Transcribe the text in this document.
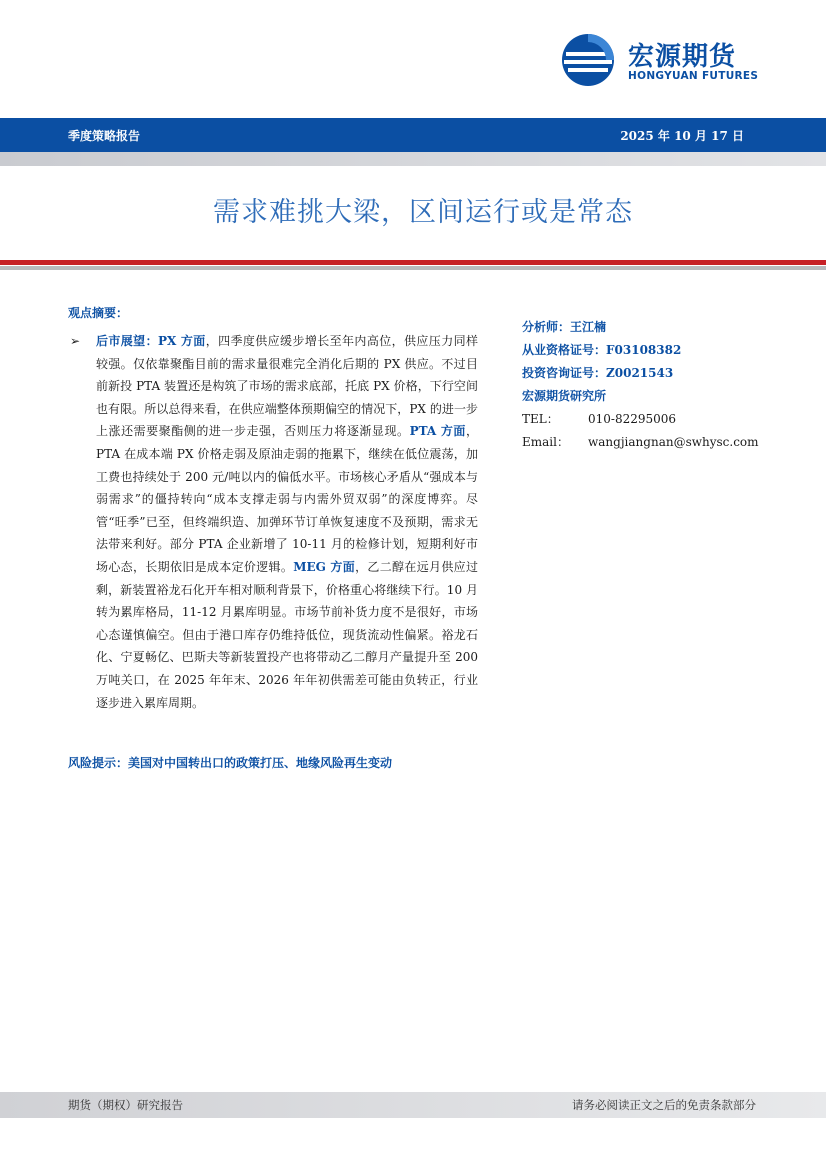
宏源期货
HONGYUAN FUTURES
季度策略报告	2025 年 10 月 17 日
需求难挑大梁，区间运行或是常态
观点摘要：
➢ 后市展望：PX 方面，四季度供应缓步增长至年内高位，供应压力同样较强。仅依靠聚酯目前的需求量很难完全消化后期的 PX 供应。不过目前新投 PTA 装置还是构筑了市场的需求底部，托底 PX 价格，下行空间也有限。所以总得来看，在供应端整体预期偏空的情况下，PX 的进一步上涨还需要聚酯侧的进一步走强，否则压力将逐渐显现。PTA 方面，PTA 在成本端 PX 价格走弱及原油走弱的拖累下，继续在低位震荡，加工费也持续处于 200 元/吨以内的偏低水平。市场核心矛盾从“强成本与弱需求”的僵持转向“成本支撑走弱与内需外贸双弱”的深度博弈。尽管“旺季”已至，但终端织造、加弹环节订单恢复速度不及预期，需求无法带来利好。部分 PTA 企业新增了 10-11 月的检修计划，短期利好市场心态，长期依旧是成本定价逻辑。MEG 方面，乙二醇在远月供应过剩，新装置裕龙石化开车相对顺利背景下，价格重心将继续下行。10 月转为累库格局，11-12 月累库明显。市场节前补货力度不是很好，市场心态谨慎偏空。但由于港口库存仍维持低位，现货流动性偏紧。裕龙石化、宁夏畅亿、巴斯夫等新装置投产也将带动乙二醇月产量提升至 200 万吨关口，在 2025 年年末、2026 年年初供需差可能由负转正，行业逐步进入累库周期。
风险提示：美国对中国转出口的政策打压、地缘风险再生变动
分析师：王江楠
从业资格证号：F03108382
投资咨询证号：Z0021543
宏源期货研究所
TEL： 010-82295006
Email： wangjiangnan@swhysc.com
期货（期权）研究报告	请务必阅读正文之后的免责条款部分
